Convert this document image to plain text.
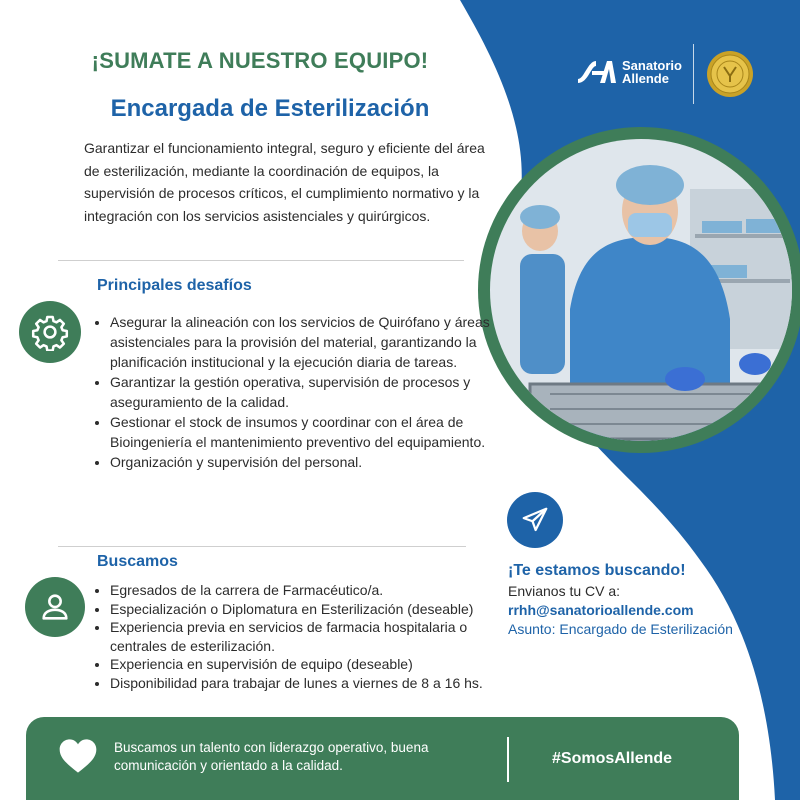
¡SUMATE A NUESTRO EQUIPO!
Encargada de Esterilización

Garantizar el funcionamiento integral, seguro y eficiente del área de esterilización, mediante la coordinación de equipos, la supervisión de procesos críticos, el cumplimiento normativo y la integración con los servicios asistenciales y quirúrgicos.

Sanatorio
Allende
Principales desafíos
• Asegurar la alineación con los servicios de Quirófano y áreas asistenciales para la provisión del material, garantizando la planificación institucional y la ejecución diaria de tareas.
• Garantizar la gestión operativa, supervisión de procesos y aseguramiento de la calidad.
• Gestionar el stock de insumos y coordinar con el área de Bioingeniería el mantenimiento preventivo del equipamiento.
• Organización y supervisión del personal.
Buscamos
• Egresados de la carrera de Farmacéutico/a.
• Especialización o Diplomatura en Esterilización (deseable)
• Experiencia previa en servicios de farmacia hospitalaria o centrales de esterilización.
• Experiencia en supervisión de equipo (deseable)
• Disponibilidad para trabajar de lunes a viernes de 8 a 16 hs.
¡Te estamos buscando!
Envianos tu CV a:
rrhh@sanatorioallende.com
Asunto: Encargado de Esterilización
Buscamos un talento con liderazgo operativo, buena comunicación y orientado a la calidad.	#SomosAllende
